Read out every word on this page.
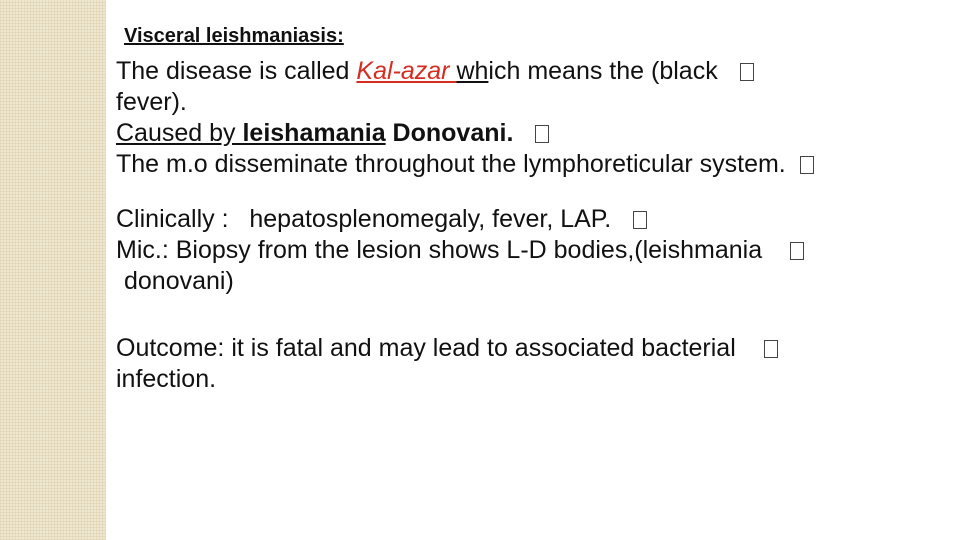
Visceral leishmaniasis:
The disease is called Kal-azar which means the (black
fever).
Caused by leishamania Donovani.
The m.o disseminate throughout the lymphoreticular system.
Clinically :   hepatosplenomegaly, fever, LAP.
Mic.: Biopsy from the lesion shows L-D bodies,(leishmania
donovani)
Outcome: it is fatal and may lead to associated bacterial
infection.
